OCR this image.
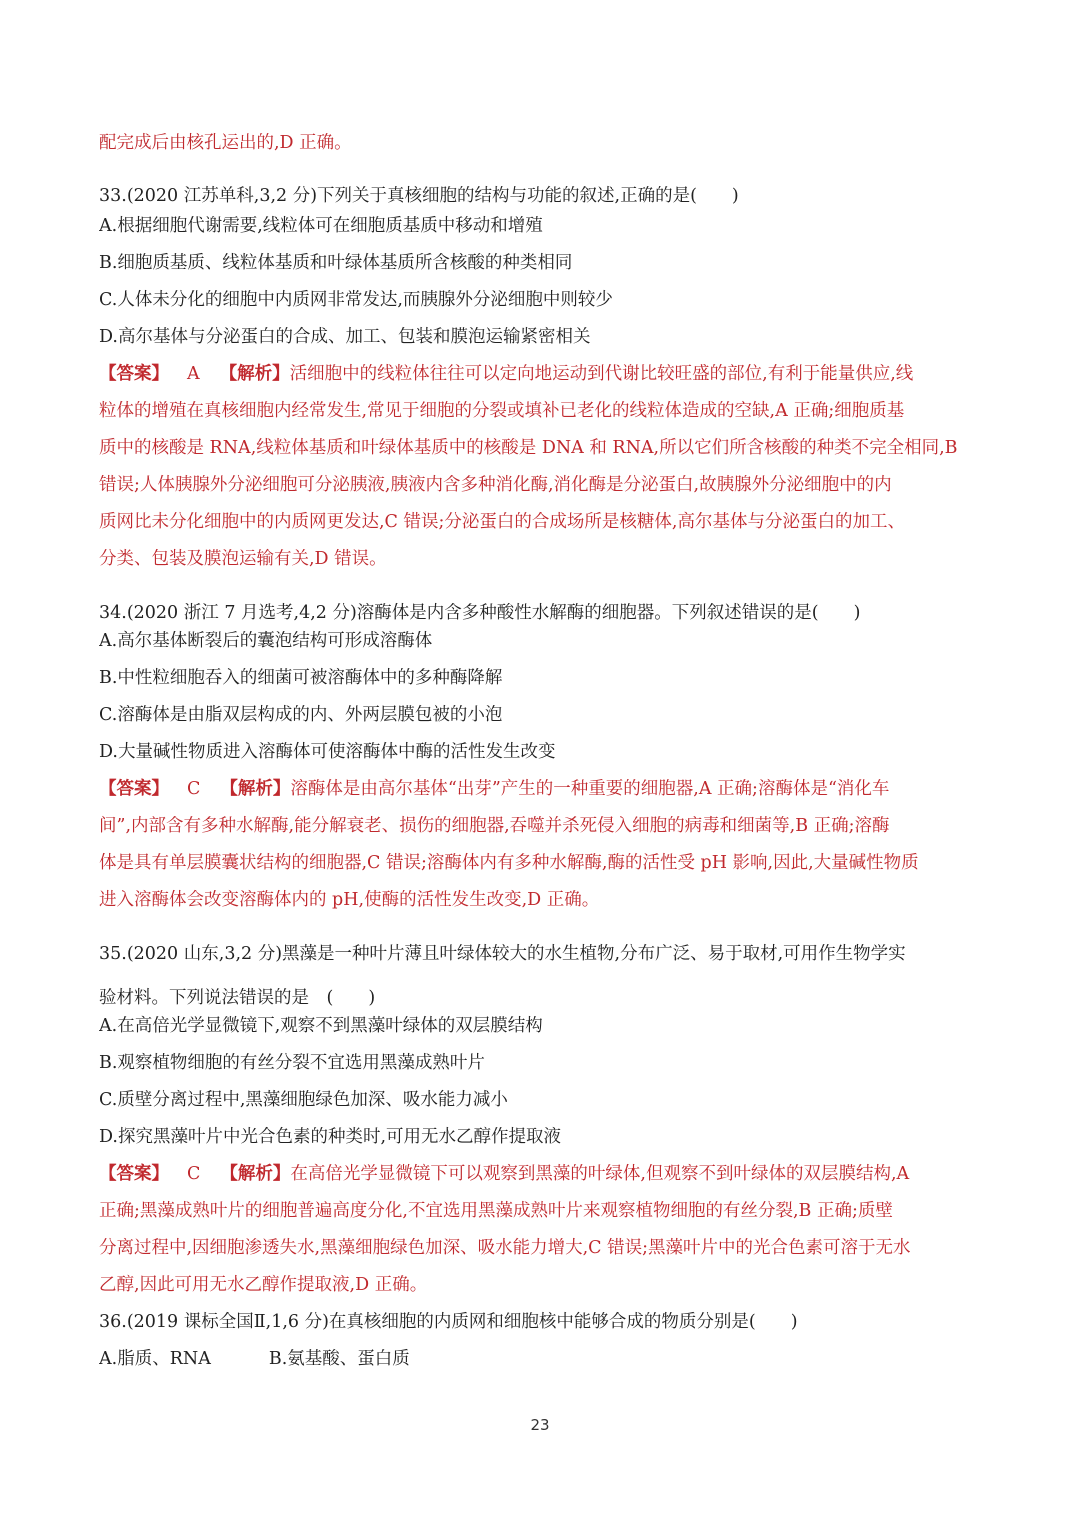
配完成后由核孔运出的,D 正确。
33.(2020 江苏单科,3,2 分)下列关于真核细胞的结构与功能的叙述,正确的是(　　)
A.根据细胞代谢需要,线粒体可在细胞质基质中移动和增殖
B.细胞质基质、线粒体基质和叶绿体基质所含核酸的种类相同
C.人体未分化的细胞中内质网非常发达,而胰腺外分泌细胞中则较少
D.高尔基体与分泌蛋白的合成、加工、包装和膜泡运输紧密相关
【答案】 A 【解析】活细胞中的线粒体往往可以定向地运动到代谢比较旺盛的部位,有利于能量供应,线
粒体的增殖在真核细胞内经常发生,常见于细胞的分裂或填补已老化的线粒体造成的空缺,A 正确;细胞质基
质中的核酸是 RNA,线粒体基质和叶绿体基质中的核酸是 DNA 和 RNA,所以它们所含核酸的种类不完全相同,B
错误;人体胰腺外分泌细胞可分泌胰液,胰液内含多种消化酶,消化酶是分泌蛋白,故胰腺外分泌细胞中的内
质网比未分化细胞中的内质网更发达,C 错误;分泌蛋白的合成场所是核糖体,高尔基体与分泌蛋白的加工、
分类、包装及膜泡运输有关,D 错误。
34.(2020 浙江 7 月选考,4,2 分)溶酶体是内含多种酸性水解酶的细胞器。下列叙述错误的是(　　)
A.高尔基体断裂后的囊泡结构可形成溶酶体
B.中性粒细胞吞入的细菌可被溶酶体中的多种酶降解
C.溶酶体是由脂双层构成的内、外两层膜包被的小泡
D.大量碱性物质进入溶酶体可使溶酶体中酶的活性发生改变
【答案】 C 【解析】溶酶体是由高尔基体“出芽”产生的一种重要的细胞器,A 正确;溶酶体是“消化车
间”,内部含有多种水解酶,能分解衰老、损伤的细胞器,吞噬并杀死侵入细胞的病毒和细菌等,B 正确;溶酶
体是具有单层膜囊状结构的细胞器,C 错误;溶酶体内有多种水解酶,酶的活性受 pH 影响,因此,大量碱性物质
进入溶酶体会改变溶酶体内的 pH,使酶的活性发生改变,D 正确。
35.(2020 山东,3,2 分)黑藻是一种叶片薄且叶绿体较大的水生植物,分布广泛、易于取材,可用作生物学实
验材料。下列说法错误的是　(　　)
A.在高倍光学显微镜下,观察不到黑藻叶绿体的双层膜结构
B.观察植物细胞的有丝分裂不宜选用黑藻成熟叶片
C.质壁分离过程中,黑藻细胞绿色加深、吸水能力减小
D.探究黑藻叶片中光合色素的种类时,可用无水乙醇作提取液
【答案】 C 【解析】在高倍光学显微镜下可以观察到黑藻的叶绿体,但观察不到叶绿体的双层膜结构,A
正确;黑藻成熟叶片的细胞普遍高度分化,不宜选用黑藻成熟叶片来观察植物细胞的有丝分裂,B 正确;质壁
分离过程中,因细胞渗透失水,黑藻细胞绿色加深、吸水能力增大,C 错误;黑藻叶片中的光合色素可溶于无水
乙醇,因此可用无水乙醇作提取液,D 正确。
36.(2019 课标全国Ⅱ,1,6 分)在真核细胞的内质网和细胞核中能够合成的物质分别是(　　)
A.脂质、RNA	B.氨基酸、蛋白质
23
